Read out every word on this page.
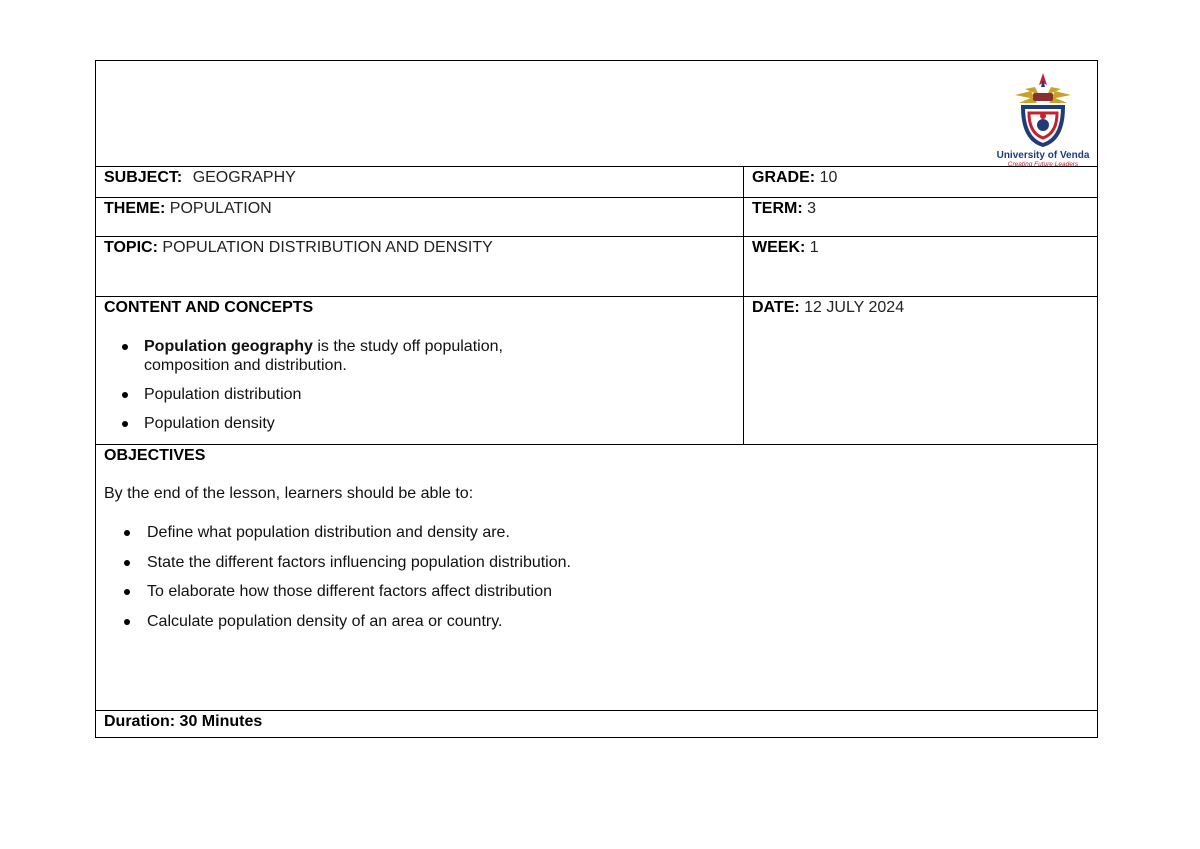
University of Venda
Creating Future Leaders
SUBJECT: GEOGRAPHY	GRADE: 10
THEME: POPULATION	TERM: 3
TOPIC: POPULATION DISTRIBUTION AND DENSITY	WEEK: 1
CONTENT AND CONCEPTS
Population geography is the study off population,
composition and distribution.
Population distribution
Population density
DATE: 12 JULY 2024
OBJECTIVES
By the end of the lesson, learners should be able to:
Define what population distribution and density are.
State the different factors influencing population distribution.
To elaborate how those different factors affect distribution
Calculate population density of an area or country.
Duration: 30 Minutes
